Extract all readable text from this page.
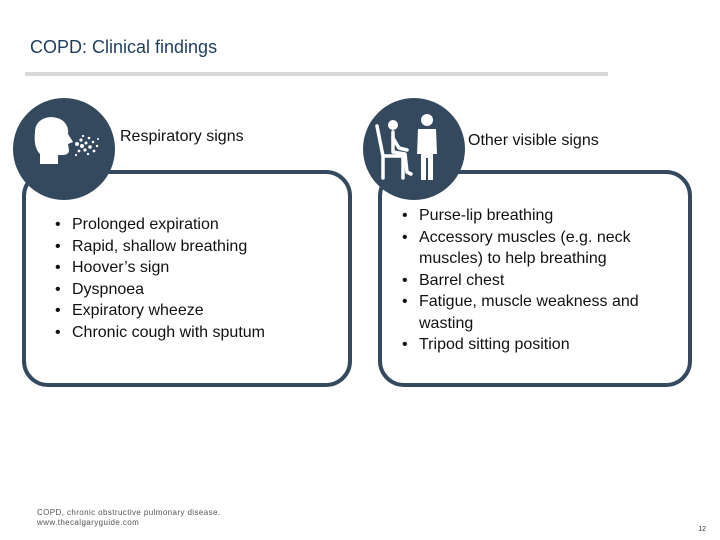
COPD: Clinical findings
Respiratory signs
• Prolonged expiration
• Rapid, shallow breathing
• Hoover’s sign
• Dyspnoea
• Expiratory wheeze
• Chronic cough with sputum
Other visible signs
• Purse-lip breathing
• Accessory muscles (e.g. neck muscles) to help breathing
• Barrel chest
• Fatigue, muscle weakness and wasting
• Tripod sitting position
COPD, chronic obstructive pulmonary disease.
www.thecalgaryguide.com
12
